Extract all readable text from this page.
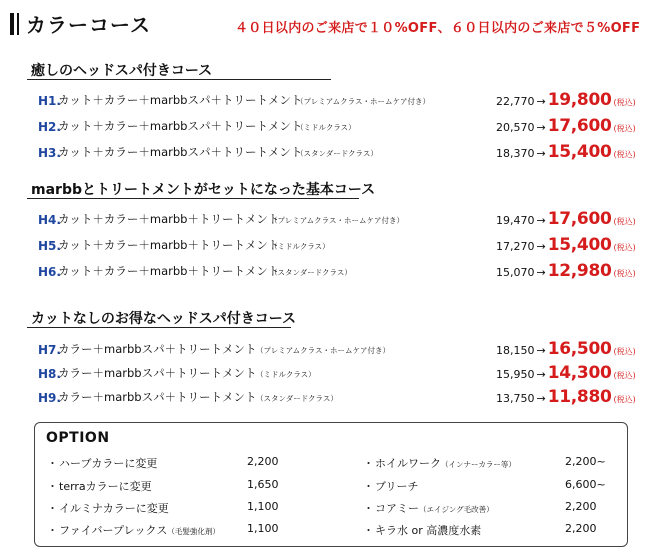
カラーコース	４０日以内のご来店で１０%OFF、６０日以内のご来店で５%OFF
癒しのヘッドスパ付きコース
H1.
カット＋カラー＋marbbスパ＋トリートメント
（プレミアムクラス・ホームケア付き）	22,770 → 19,800 (税込)
H2.
カット＋カラー＋marbbスパ＋トリートメント
（ミドルクラス）	20,570 → 17,600 (税込)
H3.
カット＋カラー＋marbbスパ＋トリートメント
（スタンダードクラス）	18,370 → 15,400 (税込)
marbbとトリートメントがセットになった基本コース
H4.
カット＋カラー＋marbb＋トリートメント
（プレミアムクラス・ホームケア付き）	19,470 → 17,600 (税込)
H5.
カット＋カラー＋marbb＋トリートメント
（ミドルクラス）	17,270 → 15,400 (税込)
H6.
カット＋カラー＋marbb＋トリートメント
（スタンダードクラス）	15,070 → 12,980 (税込)
カットなしのお得なヘッドスパ付きコース
H7.
カラー＋marbbスパ＋トリートメント （プレミアムクラス・ホームケア付き）	18,150 → 16,500 (税込)
H8.
カラー＋marbbスパ＋トリートメント （ミドルクラス）	15,950 → 14,300 (税込)
H9.
カラー＋marbbスパ＋トリートメント （スタンダードクラス）	13,750 → 11,880 (税込)
OPTION
・ハーブカラーに変更	2,200
・terraカラーに変更	1,650
・イルミナカラーに変更	1,100
・ファイバープレックス（毛髪強化剤） 1,100
・ホイルワーク（インナーカラー等）	2,200~
・ブリーチ	6,600~
・コアミー（エイジング毛改善）	2,200
・キラ水 or 高濃度水素	2,200
